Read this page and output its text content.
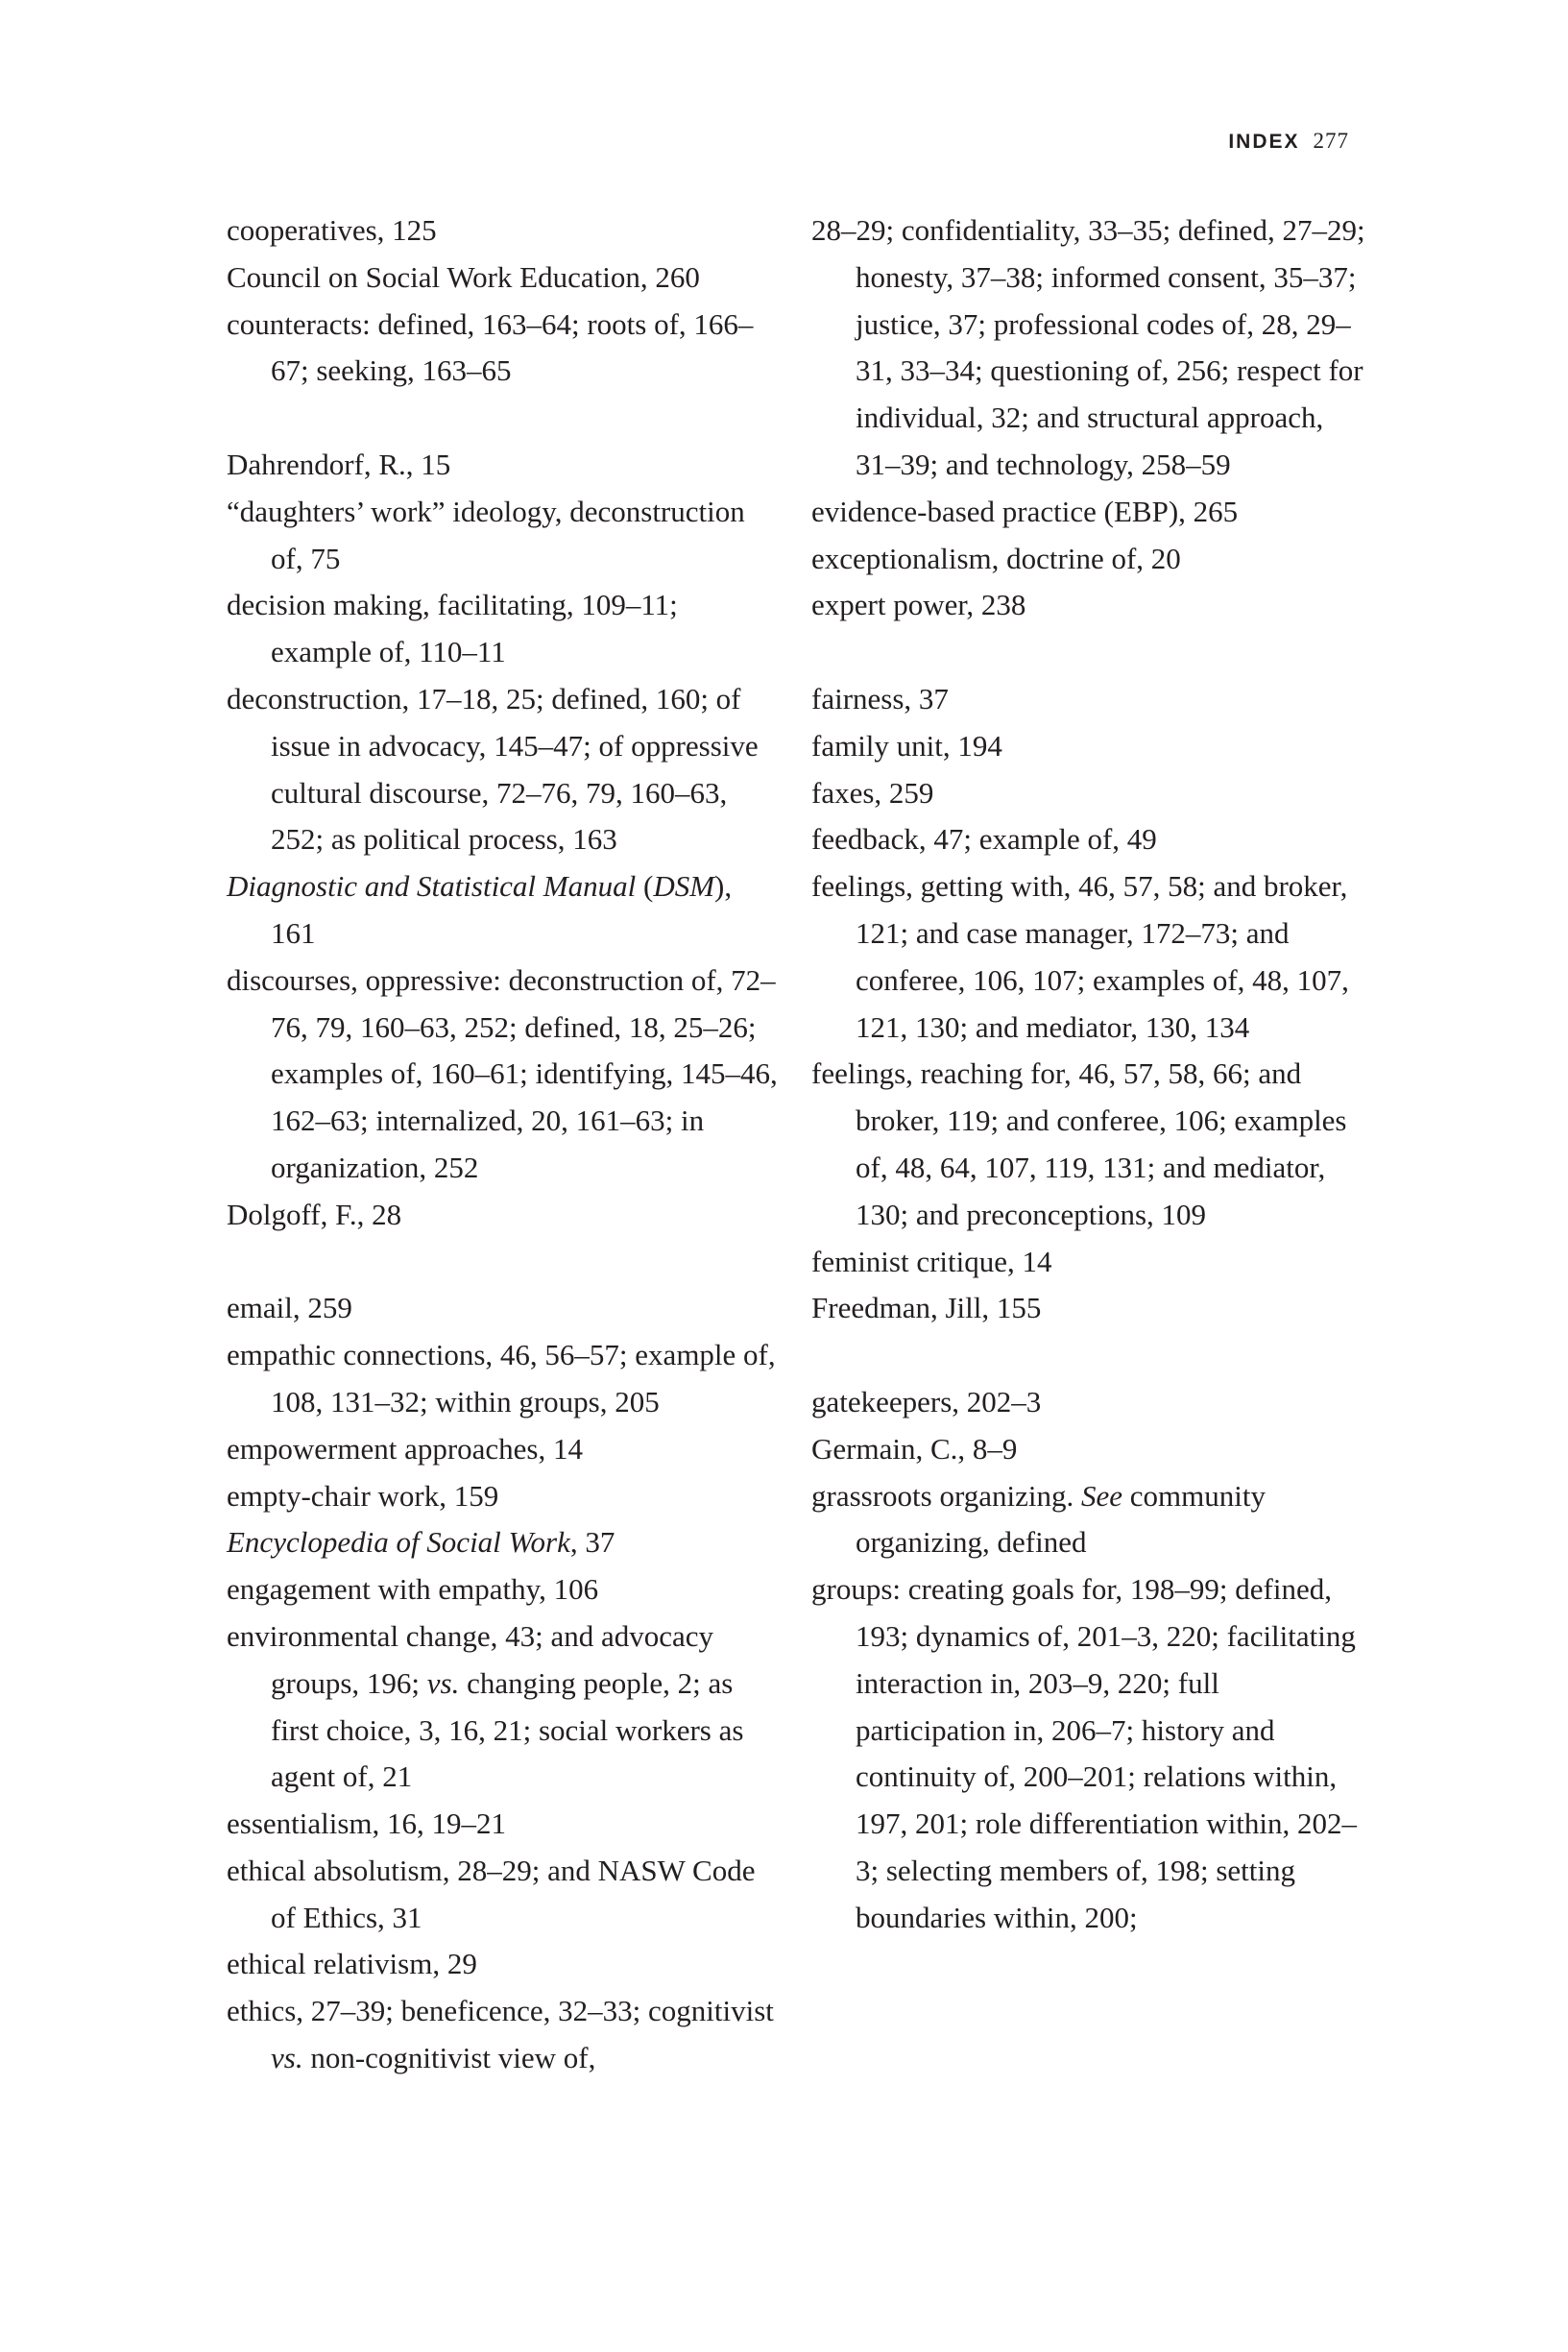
INDEX 277

cooperatives, 125

Council on Social Work Education, 260

counteracts: defined, 163–64; roots of, 166–67; seeking, 163–65

Dahrendorf, R., 15

“daughters’ work” ideology, deconstruction of, 75

decision making, facilitating, 109–11; example of, 110–11

deconstruction, 17–18, 25; defined, 160; of issue in advocacy, 145–47; of oppressive cultural discourse, 72–76, 79, 160–63, 252; as political process, 163

Diagnostic and Statistical Manual (DSM), 161

discourses, oppressive: deconstruction of, 72–76, 79, 160–63, 252; defined, 18, 25–26; examples of, 160–61; identifying, 145–46, 162–63; internalized, 20, 161–63; in organization, 252

Dolgoff, F., 28

email, 259

empathic connections, 46, 56–57; example of, 108, 131–32; within groups, 205

empowerment approaches, 14

empty-chair work, 159

Encyclopedia of Social Work, 37

engagement with empathy, 106

environmental change, 43; and advocacy groups, 196; vs. changing people, 2; as first choice, 3, 16, 21; social workers as agent of, 21

essentialism, 16, 19–21

ethical absolutism, 28–29; and NASW Code of Ethics, 31

ethical relativism, 29

ethics, 27–39; beneficence, 32–33; cognitivist vs. non-cognitivist view of,

28–29; confidentiality, 33–35; defined, 27–29; honesty, 37–38; informed consent, 35–37; justice, 37; professional codes of, 28, 29–31, 33–34; questioning of, 256; respect for individual, 32; and structural approach, 31–39; and technology, 258–59

evidence-based practice (EBP), 265

exceptionalism, doctrine of, 20

expert power, 238

fairness, 37

family unit, 194

faxes, 259

feedback, 47; example of, 49

feelings, getting with, 46, 57, 58; and broker, 121; and case manager, 172–73; and conferee, 106, 107; examples of, 48, 107, 121, 130; and mediator, 130, 134

feelings, reaching for, 46, 57, 58, 66; and broker, 119; and conferee, 106; examples of, 48, 64, 107, 119, 131; and mediator, 130; and preconceptions, 109

feminist critique, 14

Freedman, Jill, 155

gatekeepers, 202–3

Germain, C., 8–9

grassroots organizing. See community organizing, defined

groups: creating goals for, 198–99; defined, 193; dynamics of, 201–3, 220; facilitating interaction in, 203–9, 220; full participation in, 206–7; history and continuity of, 200–201; relations within, 197, 201; role differentiation within, 202–3; selecting members of, 198; setting boundaries within, 200;
